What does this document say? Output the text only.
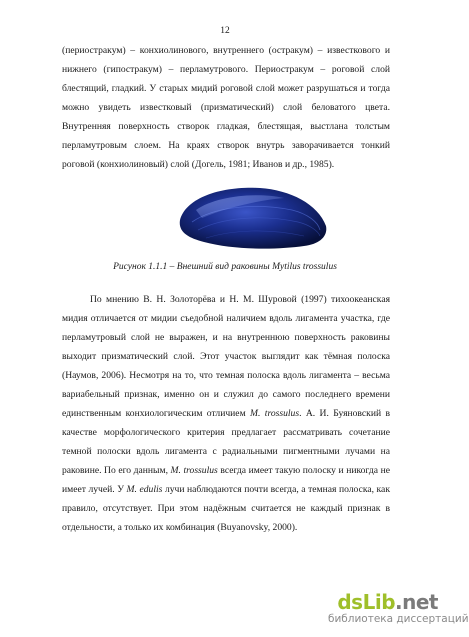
12

(периостракум) – конхиолинового, внутреннего (остракум) – известкового и нижнего (гипостракум) – перламутрового. Периостракум – роговой слой блестящий, гладкий. У старых мидий роговой слой может разрушаться и тогда можно увидеть известковый (призматический) слой беловатого цвета. Внутренняя поверхность створок гладкая, блестящая, выстлана толстым перламутровым слоем. На краях створок внутрь заворачивается тонкий роговой (конхиолиновый) слой (Догель, 1981; Иванов и др., 1985).

Рисунок 1.1.1 – Внешний вид раковины Mytilus trossulus

По мнению В. Н. Золоторёва и Н. М. Шуровой (1997) тихоокеанская мидия отличается от мидии съедобной наличием вдоль лигамента участка, где перламутровый слой не выражен, и на внутреннюю поверхность раковины выходит призматический слой. Этот участок выглядит как тёмная полоска (Наумов, 2006). Несмотря на то, что темная полоска вдоль лигамента – весьма вариабельный признак, именно он и служил до самого последнего времени единственным конхиологическим отличием M. trossulus. А. И. Буяновский в качестве морфологического критерия предлагает рассматривать сочетание темной полоски вдоль лигамента с радиальными пигментными лучами на раковине. По его данным, M. trossulus всегда имеет такую полоску и никогда не имеет лучей. У M. edulis лучи наблюдаются почти всегда, а темная полоска, как правило, отсутствует. При этом надёжным считается не каждый признак в отдельности, а только их комбинация (Buyanovsky, 2000).

dsLib.net
библиотека диссертаций
